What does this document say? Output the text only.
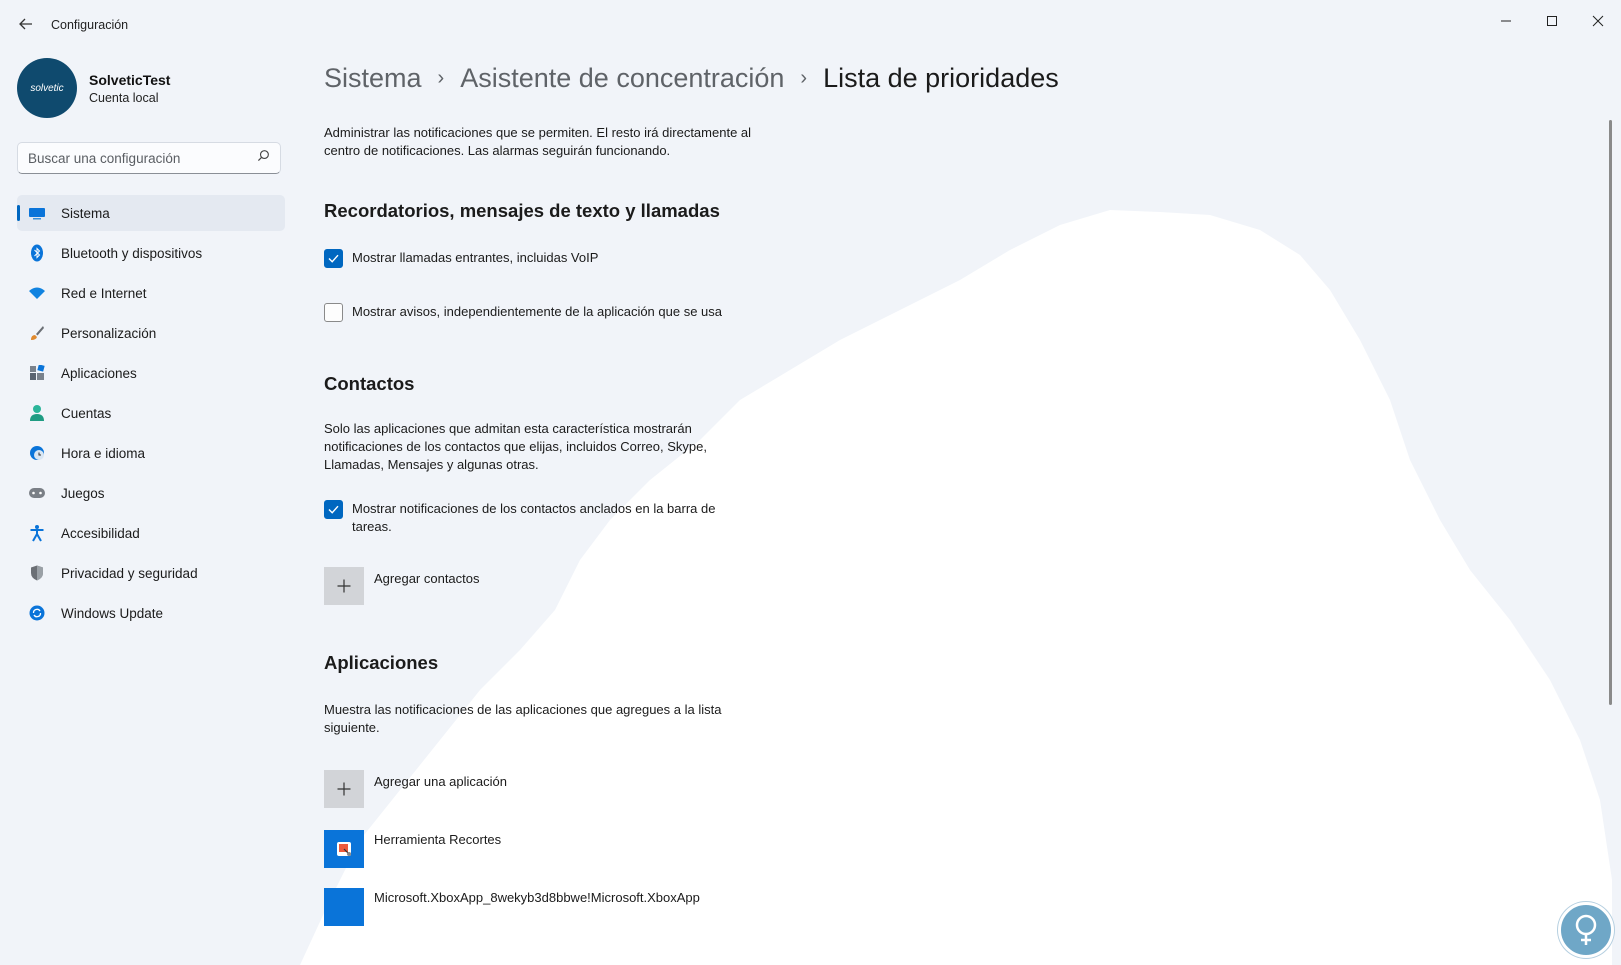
Configuración
solvetic SolveticTest
Cuenta local
Buscar una configuración
Sistema
Bluetooth y dispositivos
Red e Internet
Personalización
Aplicaciones
Cuentas
Hora e idioma
Juegos
Accesibilidad
Privacidad y seguridad
Windows Update
Sistema › Asistente de concentración › Lista de prioridades
Administrar las notificaciones que se permiten. El resto irá directamente al centro de notificaciones. Las alarmas seguirán funcionando.
Recordatorios, mensajes de texto y llamadas
Mostrar llamadas entrantes, incluidas VoIP
Mostrar avisos, independientemente de la aplicación que se usa
Contactos
Solo las aplicaciones que admitan esta característica mostrarán notificaciones de los contactos que elijas, incluidos Correo, Skype, Llamadas, Mensajes y algunas otras.
Mostrar notificaciones de los contactos anclados en la barra de tareas.
Agregar contactos
Aplicaciones
Muestra las notificaciones de las aplicaciones que agregues a la lista siguiente.
Agregar una aplicación
Herramienta Recortes
Microsoft.XboxApp_8wekyb3d8bbwe!Microsoft.XboxApp
